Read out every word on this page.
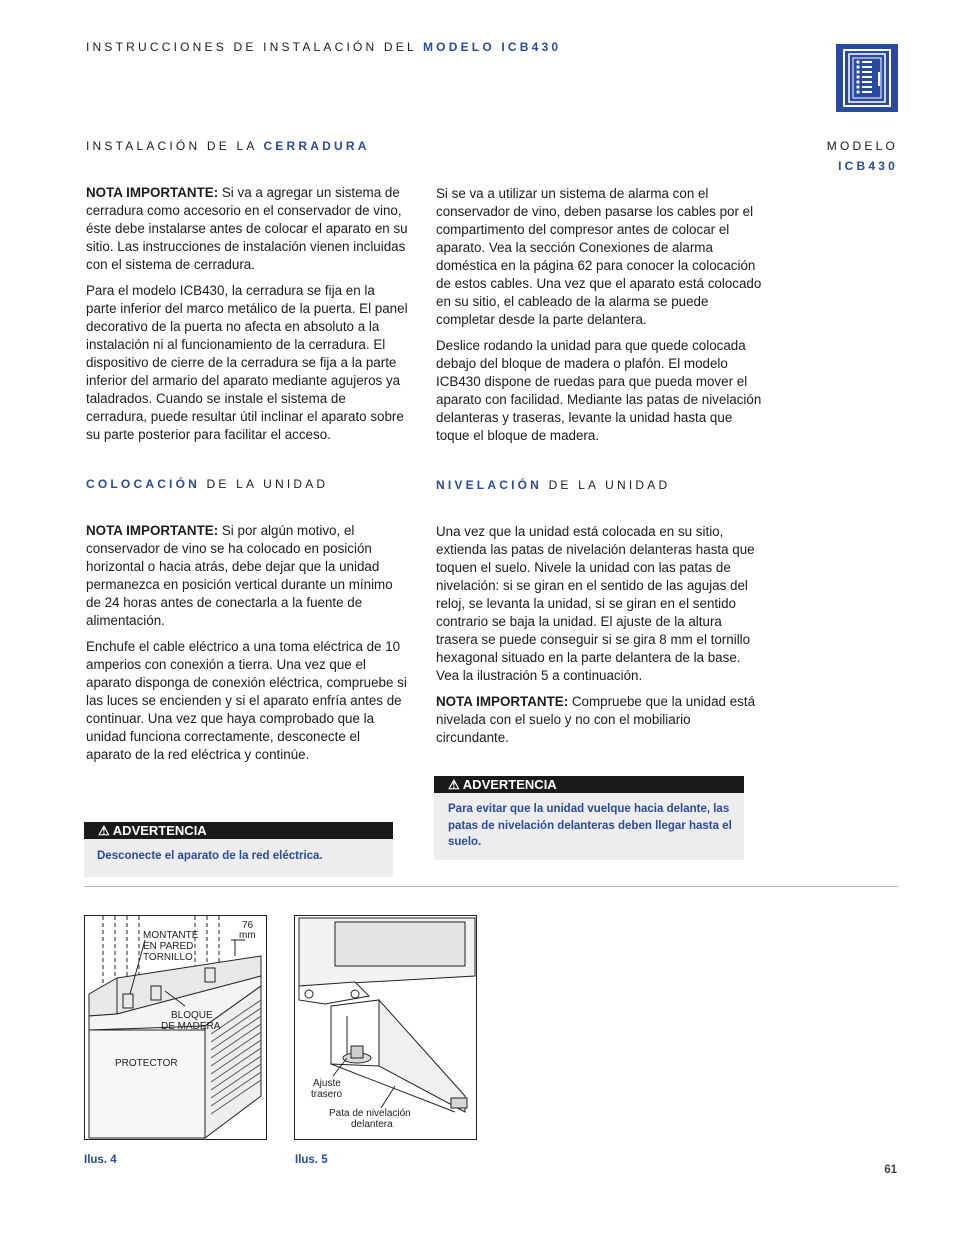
INSTRUCCIONES DE INSTALACIÓN DEL MODELO ICB430
MODELO
ICB430
INSTALACIÓN DE LA CERRADURA

NOTA IMPORTANTE: Si va a agregar un sistema de cerradura como accesorio en el conservador de vino, éste debe instalarse antes de colocar el aparato en su sitio. Las instrucciones de instalación vienen incluidas con el sistema de cerradura.

Para el modelo ICB430, la cerradura se fija en la parte inferior del marco metálico de la puerta. El panel decorativo de la puerta no afecta en absoluto a la instalación ni al funcionamiento de la cerradura. El dispositivo de cierre de la cerradura se fija a la parte inferior del armario del aparato mediante agujeros ya taladrados. Cuando se instale el sistema de cerradura, puede resultar útil inclinar el aparato sobre su parte posterior para facilitar el acceso.

COLOCACIÓN DE LA UNIDAD

NOTA IMPORTANTE: Si por algún motivo, el conservador de vino se ha colocado en posición horizontal o hacia atrás, debe dejar que la unidad permanezca en posición vertical durante un mínimo de 24 horas antes de conectarla a la fuente de alimentación.

Enchufe el cable eléctrico a una toma eléctrica de 10 amperios con conexión a tierra. Una vez que el aparato disponga de conexión eléctrica, compruebe si las luces se encienden y si el aparato enfría antes de continuar. Una vez que haya comprobado que la unidad funciona correctamente, desconecte el aparato de la red eléctrica y continúe.

⚠ ADVERTENCIA
Desconecte el aparato de la red eléctrica.

Si se va a utilizar un sistema de alarma con el conservador de vino, deben pasarse los cables por el compartimento del compresor antes de colocar el aparato. Vea la sección Conexiones de alarma doméstica en la página 62 para conocer la colocación de estos cables. Una vez que el aparato está colocado en su sitio, el cableado de la alarma se puede completar desde la parte delantera.

Deslice rodando la unidad para que quede colocada debajo del bloque de madera o plafón. El modelo ICB430 dispone de ruedas para que pueda mover el aparato con facilidad. Mediante las patas de nivelación delanteras y traseras, levante la unidad hasta que toque el bloque de madera.

NIVELACIÓN DE LA UNIDAD

Una vez que la unidad está colocada en su sitio, extienda las patas de nivelación delanteras hasta que toquen el suelo. Nivele la unidad con las patas de nivelación: si se giran en el sentido de las agujas del reloj, se levanta la unidad, si se giran en el sentido contrario se baja la unidad. El ajuste de la altura trasera se puede conseguir si se gira 8 mm el tornillo hexagonal situado en la parte delantera de la base. Vea la ilustración 5 a continuación.

NOTA IMPORTANTE: Compruebe que la unidad está nivelada con el suelo y no con el mobiliario circundante.

⚠ ADVERTENCIA
Para evitar que la unidad vuelque hacia delante, las patas de nivelación delanteras deben llegar hasta el suelo.
MONTANTE
EN PARED
TORNILLO
76
mm
BLOQUE
DE MADERA
PROTECTOR
Ajuste
trasero
Pata de nivelación
delantera
Ilus. 4	Ilus. 5
61
